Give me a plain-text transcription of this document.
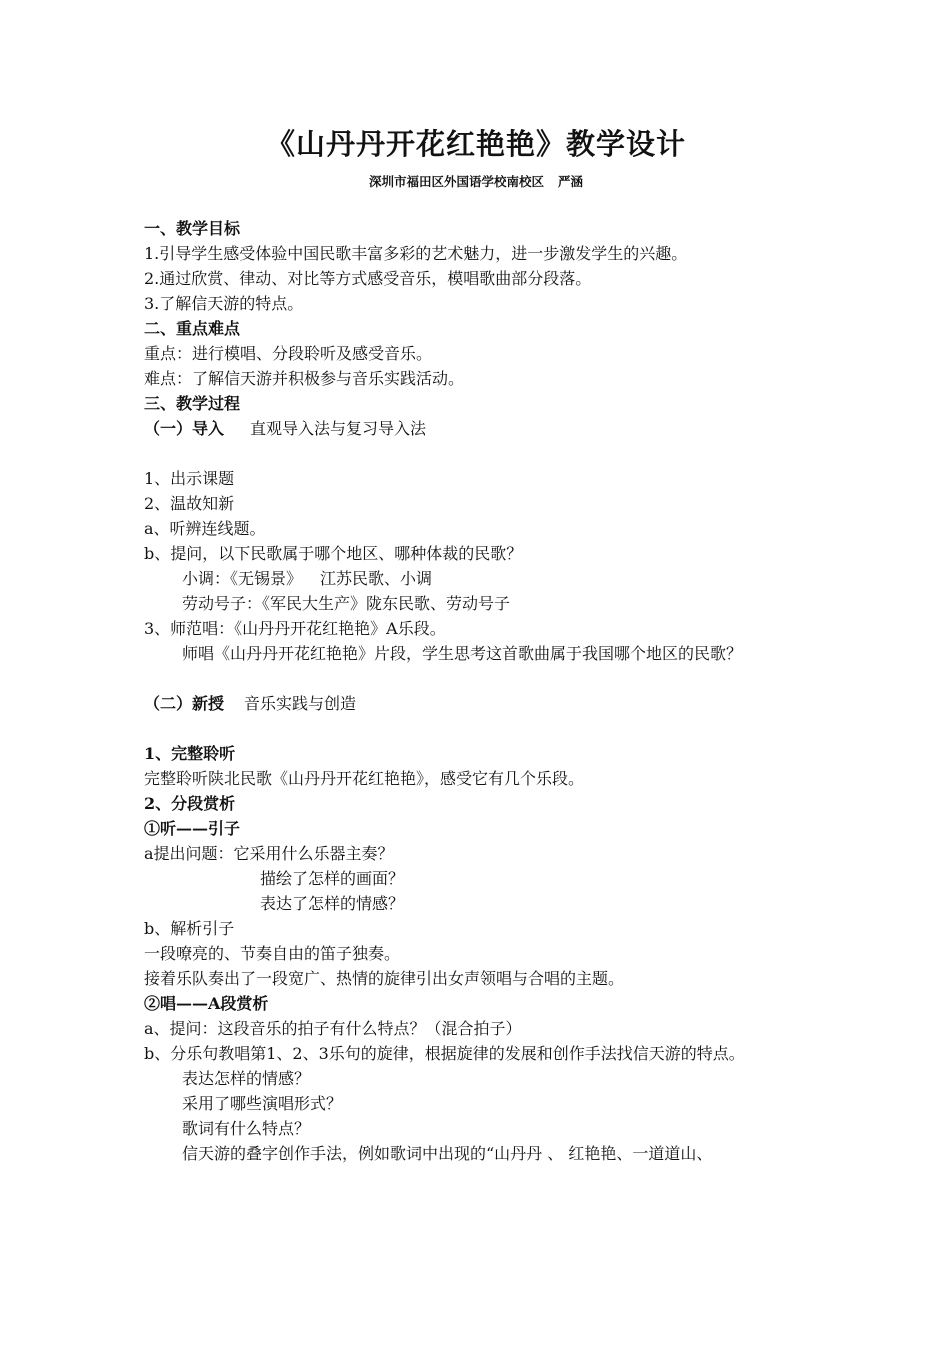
《山丹丹开花红艳艳》教学设计

深圳市福田区外国语学校南校区 严涵

一、教学目标
1.引导学生感受体验中国民歌丰富多彩的艺术魅力，进一步激发学生的兴趣。
2.通过欣赏、律动、对比等方式感受音乐，模唱歌曲部分段落。
3.了解信天游的特点。
二、重点难点
重点：进行模唱、分段聆听及感受音乐。
难点：了解信天游并积极参与音乐实践活动。
三、教学过程
（一）导入 直观导入法与复习导入法
1、出示课题
2、温故知新
a、听辨连线题。
b、提问，以下民歌属于哪个地区、哪种体裁的民歌？
小调：《无锡景》 江苏民歌、小调
劳动号子：《军民大生产》陇东民歌、劳动号子
3、师范唱：《山丹丹开花红艳艳》A乐段。
师唱《山丹丹开花红艳艳》片段，学生思考这首歌曲属于我国哪个地区的民歌？
（二）新授 音乐实践与创造
1、完整聆听
完整聆听陕北民歌《山丹丹开花红艳艳》，感受它有几个乐段。
2、分段赏析
①听——引子
a提出问题：它采用什么乐器主奏？
描绘了怎样的画面？
表达了怎样的情感？
b、解析引子
一段嘹亮的、节奏自由的笛子独奏。
接着乐队奏出了一段宽广、热情的旋律引出女声领唱与合唱的主题。
②唱——A段赏析
a、提问：这段音乐的拍子有什么特点？（混合拍子）
b、分乐句教唱第1、2、3乐句的旋律，根据旋律的发展和创作手法找信天游的特点。
表达怎样的情感？
采用了哪些演唱形式？
歌词有什么特点？
信天游的叠字创作手法，例如歌词中出现的“山丹丹 、 红艳艳、一道道山、
